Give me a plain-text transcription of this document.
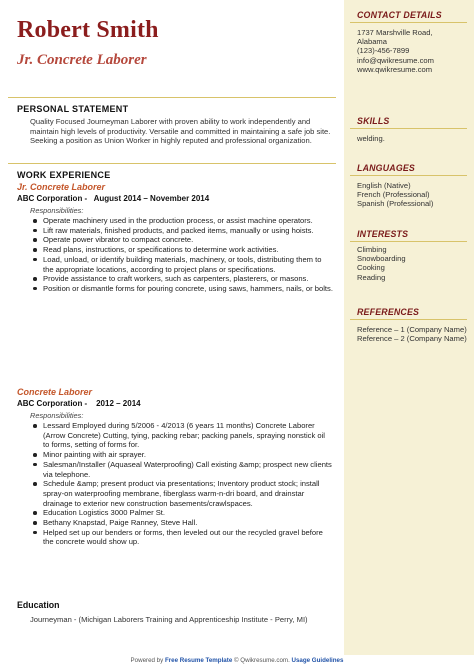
Robert Smith
Jr. Concrete Laborer
PERSONAL STATEMENT
Quality Focused Journeyman Laborer with proven ability to work independently and maintain high levels of productivity. Versatile and committed in maintaining a safe job site. Seeking a position as Union Worker in highly reputed and professional organization.
WORK EXPERIENCE
Jr. Concrete Laborer
ABC Corporation - August 2014 – November 2014
Responsibilities:
Operate machinery used in the production process, or assist machine operators.
Lift raw materials, finished products, and packed items, manually or using hoists.
Operate power vibrator to compact concrete.
Read plans, instructions, or specifications to determine work activities.
Load, unload, or identify building materials, machinery, or tools, distributing them to the appropriate locations, according to project plans or specifications.
Provide assistance to craft workers, such as carpenters, plasterers, or masons.
Position or dismantle forms for pouring concrete, using saws, hammers, nails, or bolts.
Concrete Laborer
ABC Corporation - 2012 – 2014
Responsibilities:
Lessard Employed during 5/2006 - 4/2013 (6 years 11 months) Concrete Laborer (Arrow Concrete) Cutting, tying, packing rebar; packing panels, spraying nonstick oil to forms, setting of forms for.
Minor painting with air sprayer.
Salesman/Installer (Aquaseal Waterproofing) Call existing &amp; prospect new clients via telephone.
Schedule &amp; present product via presentations; Inventory product stock; install spray-on waterproofing membrane, fiberglass warm-n-dri board, and drainstar drainage to exterior new construction basements/crawlspaces.
Education Logistics 3000 Palmer St.
Bethany Knapstad, Paige Ranney, Steve Hall.
Helped set up our benders or forms, then leveled out our the recycled gravel before the concrete would show up.
Education
Journeyman - (Michigan Laborers Training and Apprenticeship Institute - Perry, MI)
CONTACT DETAILS
1737 Marshville Road,
Alabama
(123)-456-7899
info@qwikresume.com
www.qwikresume.com
SKILLS
welding.
LANGUAGES
English (Native)
French (Professional)
Spanish (Professional)
INTERESTS
Climbing
Snowboarding
Cooking
Reading
REFERENCES
Reference – 1 (Company Name)
Reference – 2 (Company Name)
Powered by Free Resume Template © Qwikresume.com. Usage Guidelines
